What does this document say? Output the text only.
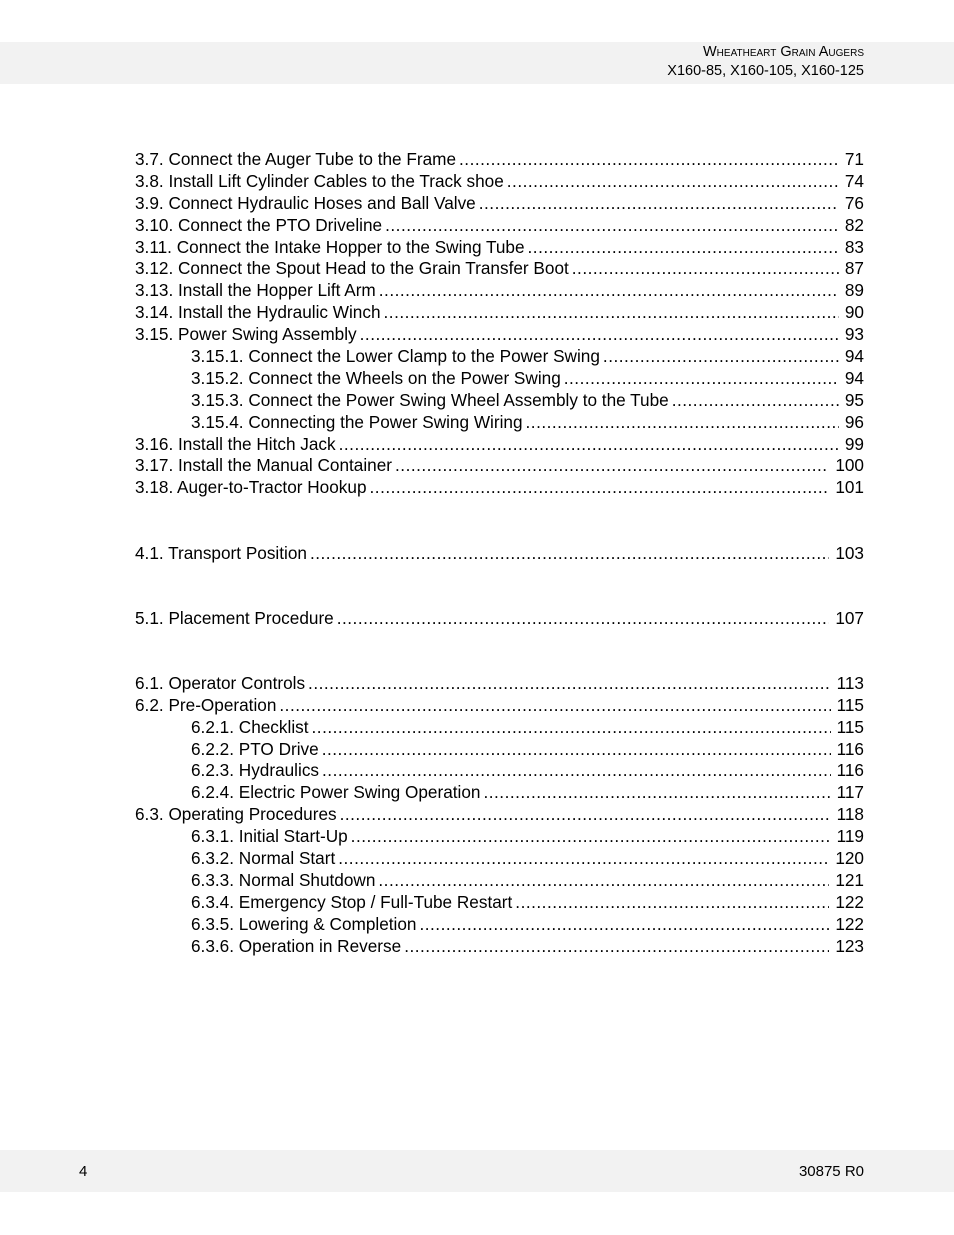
Wheatheart Grain Augers
X160-85, X160-105, X160-125
3.7. Connect the Auger Tube to the Frame .....	71
3.8. Install Lift Cylinder Cables to the Track shoe .....	74
3.9. Connect Hydraulic Hoses and Ball Valve .....	76
3.10. Connect the PTO Driveline .....	82
3.11. Connect the Intake Hopper to the Swing Tube .....	83
3.12. Connect the Spout Head to the Grain Transfer Boot .....	87
3.13. Install the Hopper Lift Arm .....	89
3.14. Install the Hydraulic Winch .....	90
3.15. Power Swing Assembly .....	93
3.15.1. Connect the Lower Clamp to the Power Swing .....	94
3.15.2. Connect the Wheels on the Power Swing .....	94
3.15.3. Connect the Power Swing Wheel Assembly to the Tube .....	95
3.15.4. Connecting the Power Swing Wiring .....	96
3.16. Install the Hitch Jack .....	99
3.17. Install the Manual Container .....	100
3.18. Auger-to-Tractor Hookup .....	101
4.1. Transport Position .....	103
5.1. Placement Procedure .....	107
6.1. Operator Controls .....	113
6.2. Pre-Operation .....	115
6.2.1. Checklist .....	115
6.2.2. PTO Drive .....	116
6.2.3. Hydraulics .....	116
6.2.4. Electric Power Swing Operation .....	117
6.3. Operating Procedures .....	118
6.3.1. Initial Start-Up .....	119
6.3.2. Normal Start .....	120
6.3.3. Normal Shutdown .....	121
6.3.4. Emergency Stop / Full-Tube Restart .....	122
6.3.5. Lowering & Completion .....	122
6.3.6. Operation in Reverse .....	123
4	30875 R0
